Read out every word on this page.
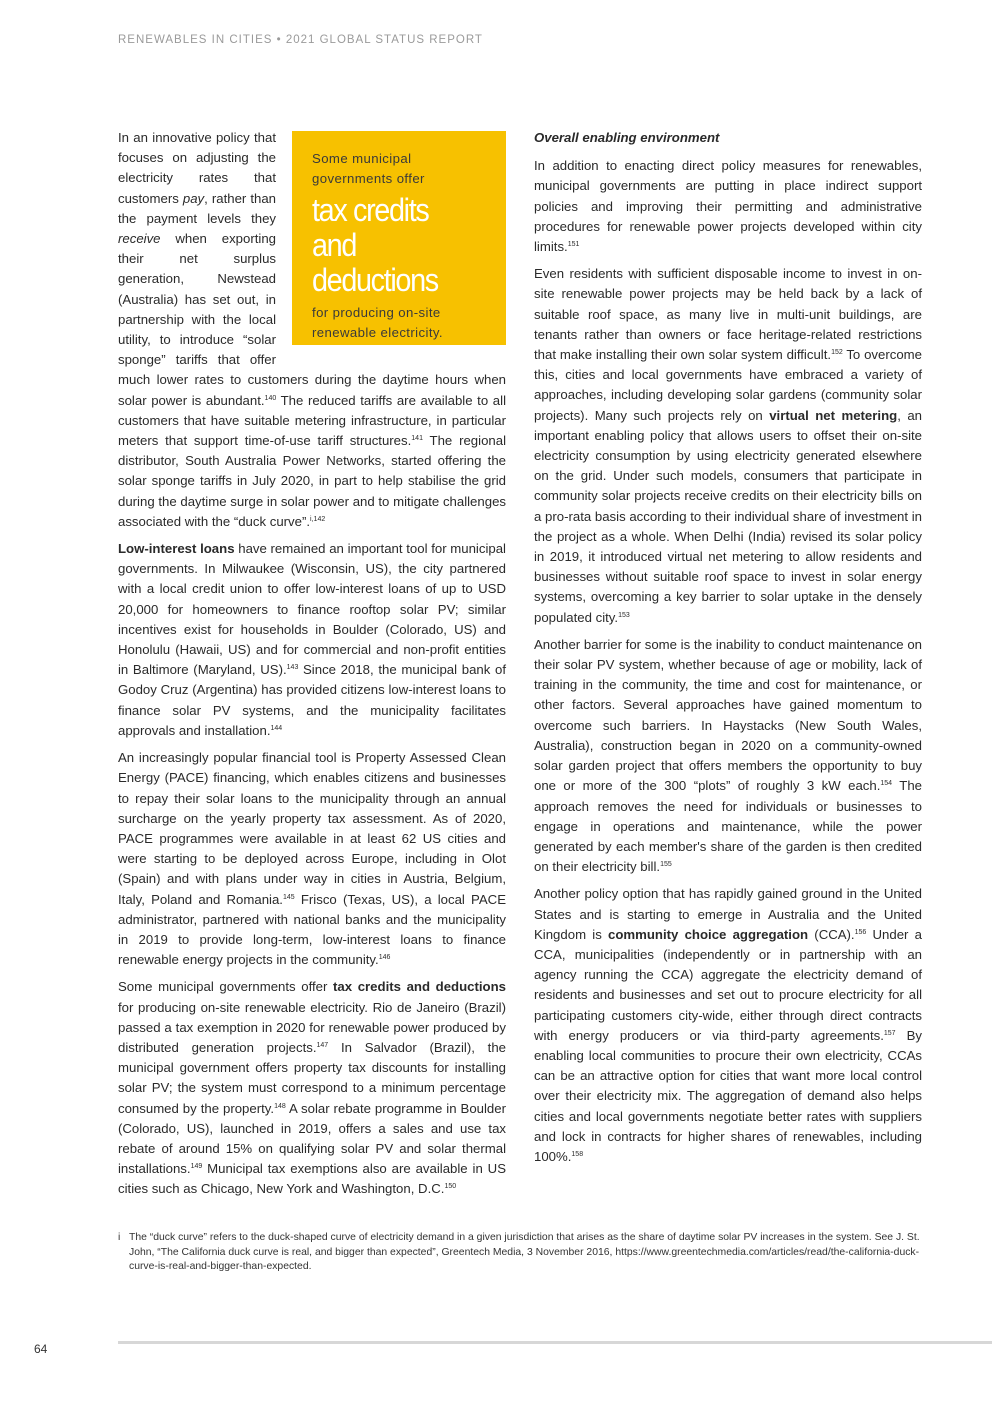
RENEWABLES IN CITIES • 2021 GLOBAL STATUS REPORT
Some municipal governments offer
tax credits and deductions
for producing on-site renewable electricity.

In an innovative policy that focuses on adjusting the electricity rates that customers pay, rather than the payment levels they receive when exporting their net surplus generation, Newstead (Australia) has set out, in partnership with the local utility, to introduce “solar sponge” tariffs that offer much lower rates to customers during the daytime hours when solar power is abundant.$^{140}$ The reduced tariffs are available to all customers that have suitable metering infrastructure, in particular meters that support time-of-use tariff structures.$^{141}$ The regional distributor, South Australia Power Networks, started offering the solar sponge tariffs in July 2020, in part to help stabilise the grid during the daytime surge in solar power and to mitigate challenges associated with the “duck curve”.$^{i,142}$

Low-interest loans have remained an important tool for municipal governments. In Milwaukee (Wisconsin, US), the city partnered with a local credit union to offer low-interest loans of up to USD 20,000 for homeowners to finance rooftop solar PV; similar incentives exist for households in Boulder (Colorado, US) and Honolulu (Hawaii, US) and for commercial and non-profit entities in Baltimore (Maryland, US).$^{143}$ Since 2018, the municipal bank of Godoy Cruz (Argentina) has provided citizens low-interest loans to finance solar PV systems, and the municipality facilitates approvals and installation.$^{144}$

An increasingly popular financial tool is Property Assessed Clean Energy (PACE) financing, which enables citizens and businesses to repay their solar loans to the municipality through an annual surcharge on the yearly property tax assessment. As of 2020, PACE programmes were available in at least 62 US cities and were starting to be deployed across Europe, including in Olot (Spain) and with plans under way in cities in Austria, Belgium, Italy, Poland and Romania.$^{145}$ Frisco (Texas, US), a local PACE administrator, partnered with national banks and the municipality in 2019 to provide long-term, low-interest loans to finance renewable energy projects in the community.$^{146}$

Some municipal governments offer tax credits and deductions for producing on-site renewable electricity. Rio de Janeiro (Brazil) passed a tax exemption in 2020 for renewable power produced by distributed generation projects.$^{147}$ In Salvador (Brazil), the municipal government offers property tax discounts for installing solar PV; the system must correspond to a minimum percentage consumed by the property.$^{148}$ A solar rebate programme in Boulder (Colorado, US), launched in 2019, offers a sales and use tax rebate of around 15% on qualifying solar PV and solar thermal installations.$^{149}$ Municipal tax exemptions also are available in US cities such as Chicago, New York and Washington, D.C.$^{150}$

Overall enabling environment

In addition to enacting direct policy measures for renewables, municipal governments are putting in place indirect support policies and improving their permitting and administrative procedures for renewable power projects developed within city limits.$^{151}$

Even residents with sufficient disposable income to invest in on-site renewable power projects may be held back by a lack of suitable roof space, as many live in multi-unit buildings, are tenants rather than owners or face heritage-related restrictions that make installing their own solar system difficult.$^{152}$ To overcome this, cities and local governments have embraced a variety of approaches, including developing solar gardens (community solar projects). Many such projects rely on virtual net metering, an important enabling policy that allows users to offset their on-site electricity consumption by using electricity generated elsewhere on the grid. Under such models, consumers that participate in community solar projects receive credits on their electricity bills on a pro-rata basis according to their individual share of investment in the project as a whole. When Delhi (India) revised its solar policy in 2019, it introduced virtual net metering to allow residents and businesses without suitable roof space to invest in solar energy systems, overcoming a key barrier to solar uptake in the densely populated city.$^{153}$

Another barrier for some is the inability to conduct maintenance on their solar PV system, whether because of age or mobility, lack of training in the community, the time and cost for maintenance, or other factors. Several approaches have gained momentum to overcome such barriers. In Haystacks (New South Wales, Australia), construction began in 2020 on a community-owned solar garden project that offers members the opportunity to buy one or more of the 300 “plots” of roughly 3 kW each.$^{154}$ The approach removes the need for individuals or businesses to engage in operations and maintenance, while the power generated by each member's share of the garden is then credited on their electricity bill.$^{155}$

Another policy option that has rapidly gained ground in the United States and is starting to emerge in Australia and the United Kingdom is community choice aggregation (CCA).$^{156}$ Under a CCA, municipalities (independently or in partnership with an agency running the CCA) aggregate the electricity demand of residents and businesses and set out to procure electricity for all participating customers city-wide, either through direct contracts with energy producers or via third-party agreements.$^{157}$ By enabling local communities to procure their own electricity, CCAs can be an attractive option for cities that want more local control over their electricity mix. The aggregation of demand also helps cities and local governments negotiate better rates with suppliers and lock in contracts for higher shares of renewables, including 100%.$^{158}$

i The “duck curve” refers to the duck-shaped curve of electricity demand in a given jurisdiction that arises as the share of daytime solar PV increases in the system. See J. St. John, “The California duck curve is real, and bigger than expected”, Greentech Media, 3 November 2016, https://www.greentechmedia.com/articles/read/the-california-duck-curve-is-real-and-bigger-than-expected.
64
